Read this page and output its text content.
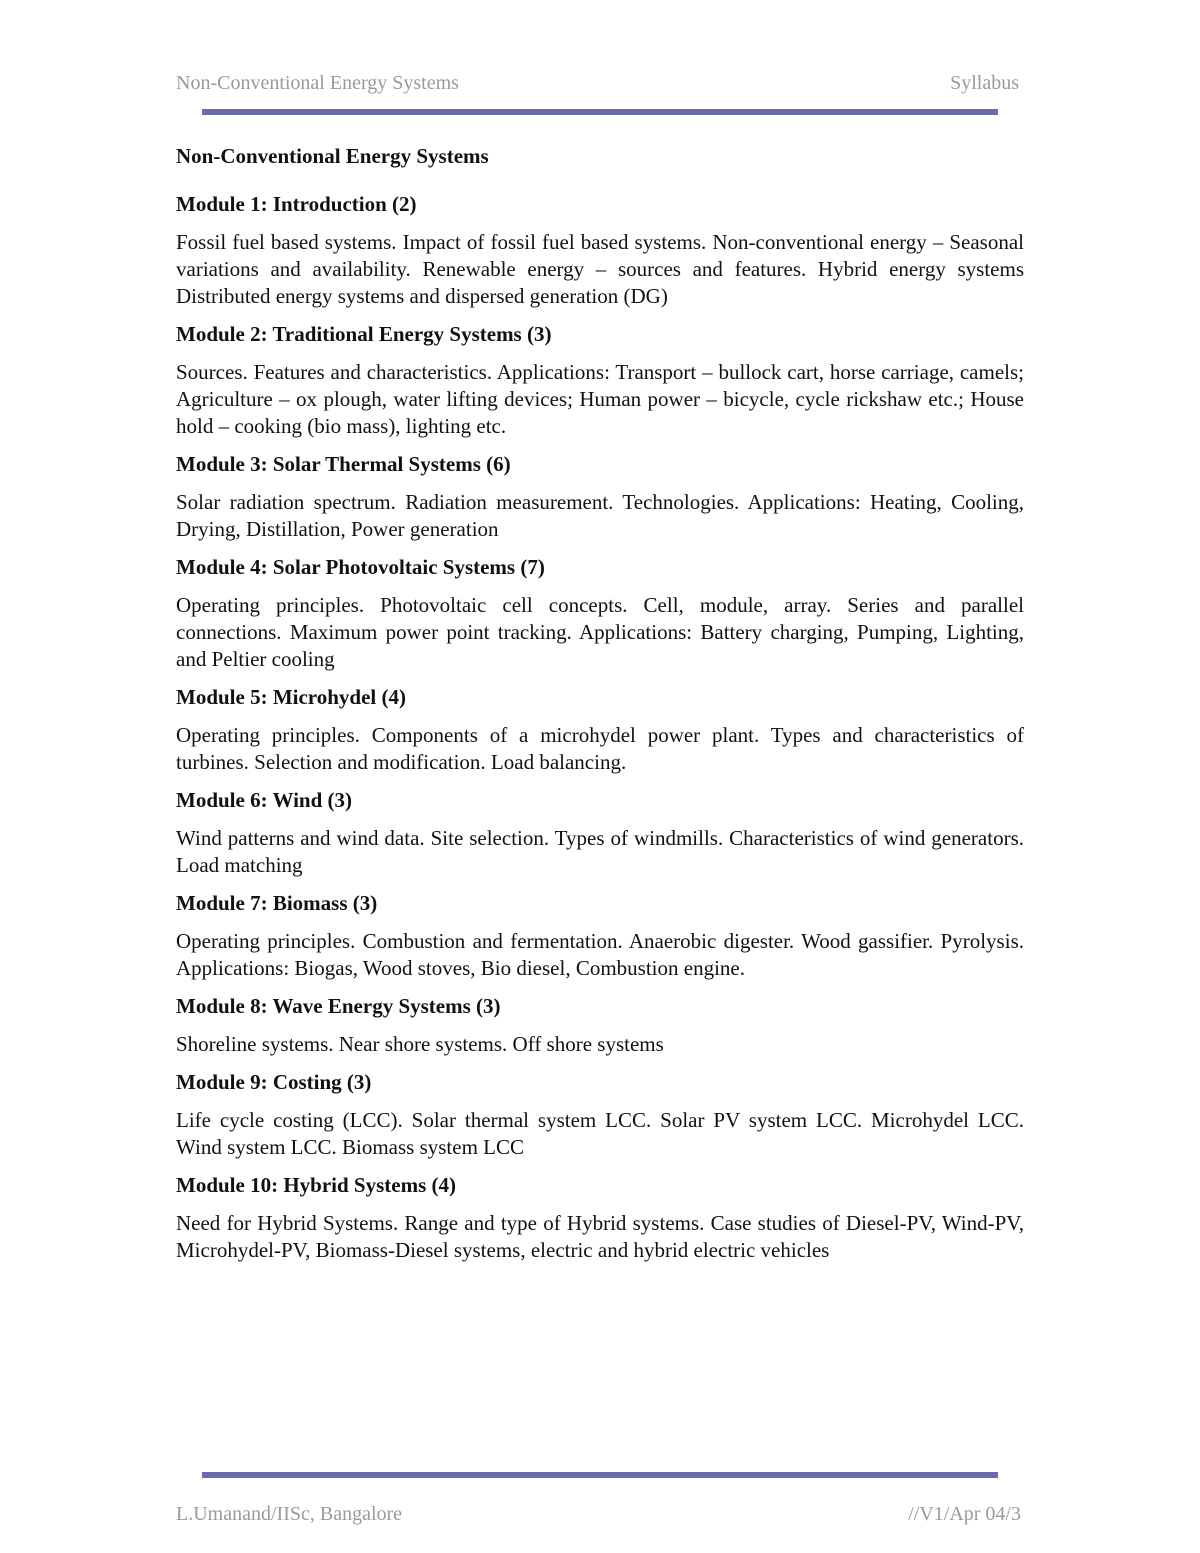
Non-Conventional Energy Systems	Syllabus
Non-Conventional Energy Systems
Module 1: Introduction (2)
Fossil fuel based systems. Impact of fossil fuel based systems. Non-conventional energy – Seasonal variations and availability. Renewable energy – sources and features. Hybrid energy systems Distributed energy systems and dispersed generation (DG)
Module 2: Traditional Energy Systems (3)
Sources. Features and characteristics. Applications: Transport – bullock cart, horse carriage, camels; Agriculture – ox plough, water lifting devices; Human power – bicycle, cycle rickshaw etc.; House hold – cooking (bio mass), lighting etc.
Module 3: Solar Thermal Systems (6)
Solar radiation spectrum. Radiation measurement. Technologies. Applications: Heating, Cooling, Drying, Distillation, Power generation
Module 4: Solar Photovoltaic Systems (7)
Operating principles. Photovoltaic cell concepts. Cell, module, array. Series and parallel connections. Maximum power point tracking. Applications: Battery charging, Pumping, Lighting, and Peltier cooling
Module 5: Microhydel (4)
Operating principles. Components of a microhydel power plant. Types and characteristics of turbines. Selection and modification. Load balancing.
Module 6: Wind (3)
Wind patterns and wind data. Site selection. Types of windmills. Characteristics of wind generators. Load matching
Module 7: Biomass (3)
Operating principles. Combustion and fermentation. Anaerobic digester. Wood gassifier. Pyrolysis. Applications: Biogas, Wood stoves, Bio diesel, Combustion engine.
Module 8: Wave Energy Systems (3)
Shoreline systems. Near shore systems. Off shore systems
Module 9: Costing (3)
Life cycle costing (LCC). Solar thermal system LCC. Solar PV system LCC. Microhydel LCC. Wind system LCC. Biomass system LCC
Module 10: Hybrid Systems (4)
Need for Hybrid Systems. Range and type of Hybrid systems. Case studies of Diesel-PV, Wind-PV, Microhydel-PV, Biomass-Diesel systems, electric and hybrid electric vehicles
L.Umanand/IISc, Bangalore	//V1/Apr 04/3
